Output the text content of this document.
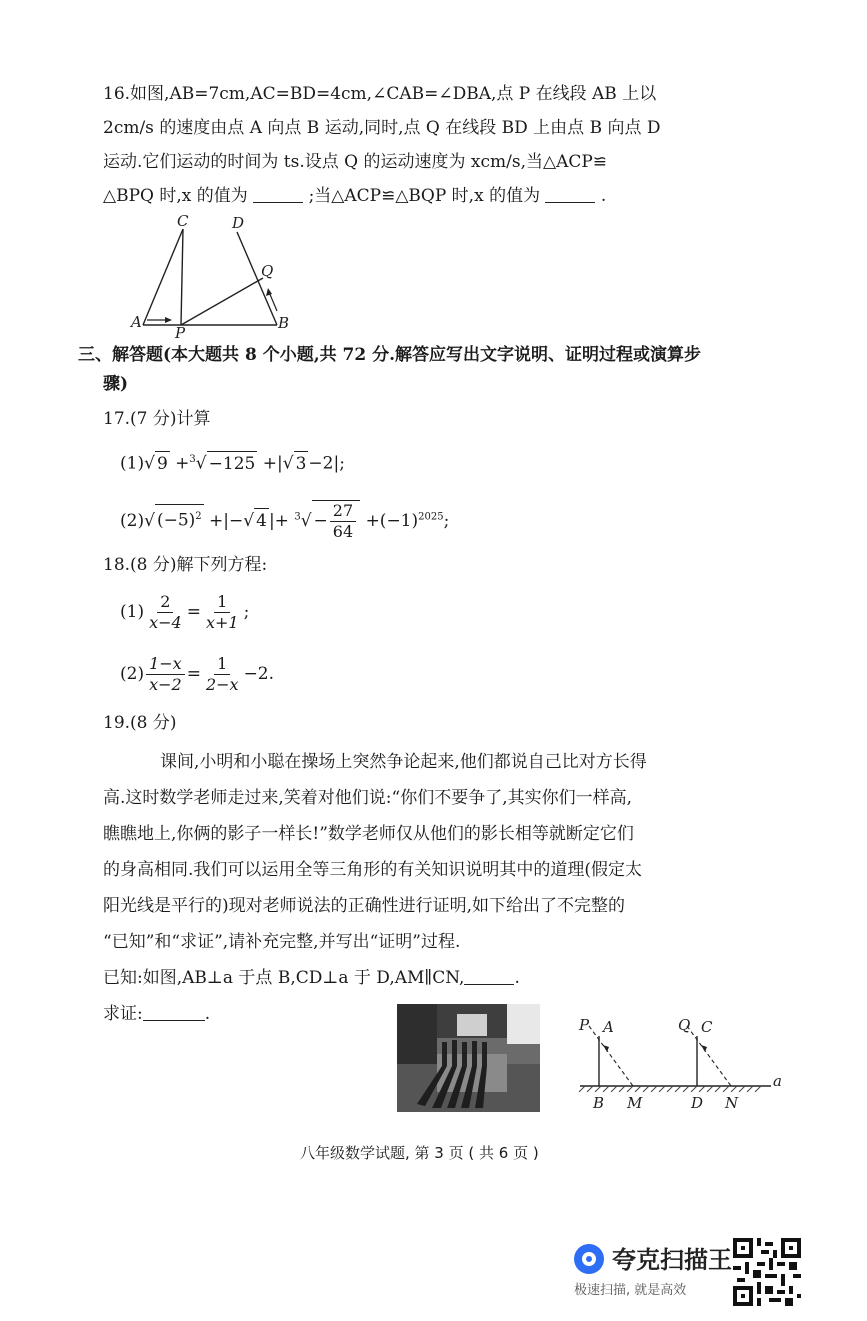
16.如图,AB=7cm,AC=BD=4cm,∠CAB=∠DBA,点 P 在线段 AB 上以
2cm/s 的速度由点 A 向点 B 运动,同时,点 Q 在线段 BD 上由点 B 向点 D
运动.它们运动的时间为 ts.设点 Q 的运动速度为 xcm/s,当△ACP≌
△BPQ 时,x 的值为	;当△ACP≌△BQP 时,x 的值为	.
C	D
Q
A
P
B
三、解答题(本大题共 8 个小题,共 72 分.解答应写出文字说明、证明过程或演算步
骤)
17.(7 分)计算
(1)√ 9 +$^3$√ −125 +|√ 3 −2|;
(2)√ $(-5)^2$ +|−√ 4 |+ $^3√ - \frac{27}{64} +(-1)^{2025}$;
18.(8 分)解下列方程:
$(1) \frac{2}{x-4} = \frac{1}{x+1}$ ;
$(2) \frac{1-x}{x-2} = \frac{1}{2-x} -2$.
19.(8 分)
课间,小明和小聪在操场上突然争论起来,他们都说自己比对方长得
高.这时数学老师走过来,笑着对他们说:“你们不要争了,其实你们一样高,
瞧瞧地上,你俩的影子一样长!”数学老师仅从他们的影长相等就断定它们
的身高相同.我们可以运用全等三角形的有关知识说明其中的道理(假定太
阳光线是平行的)现对老师说法的正确性进行证明,如下给出了不完整的
“已知”和“求证”,请补充完整,并写出“证明”过程.
已知:如图,AB⊥a 于点 B,CD⊥a 于 D,AM∥CN,	.
求证:	.
P A	Q C
a
B M	D N
八年级数学试题, 第 3 页 ( 共 6 页 )
夸克扫描王
极速扫描, 就是高效
